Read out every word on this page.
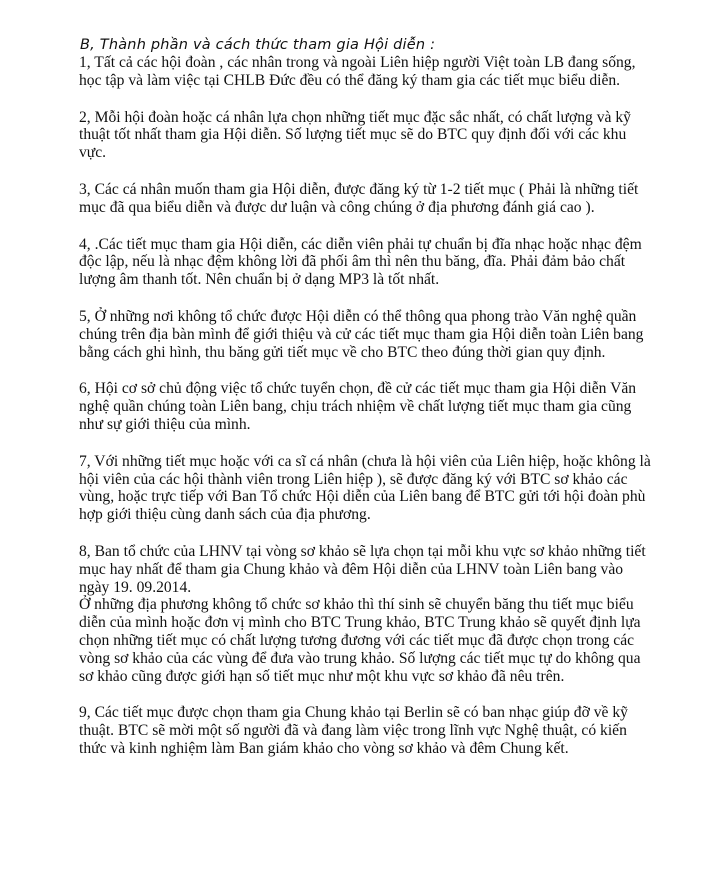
B, Thành phần và cách thức tham gia Hội diễn :

1, Tất cả các hội đoàn , các nhân trong và ngoài Liên hiệp người Việt toàn LB đang sống,
học tập và làm việc tại CHLB Đức đều có thể đăng ký tham gia các tiết mục biểu diễn.

2, Mỗi hội đoàn hoặc cá nhân lựa chọn những tiết mục đặc sắc nhất, có chất lượng và kỹ
thuật tốt nhất tham gia Hội diễn. Số lượng tiết mục sẽ do BTC quy định đối với các khu
vực.

3, Các cá nhân muốn tham gia Hội diễn, được đăng ký từ 1-2 tiết mục ( Phải là những tiết
mục đã qua biểu diễn và được dư luận và công chúng ở địa phương đánh giá cao ).

4, .Các tiết mục tham gia Hội diễn, các diễn viên phải tự chuẩn bị đĩa nhạc hoặc nhạc đệm
độc lập, nếu là nhạc đệm không lời đã phối âm thì nên thu băng, đĩa. Phải đảm bảo chất
lượng âm thanh tốt. Nên chuẩn bị ở dạng MP3 là tốt nhất.

5, Ở những nơi không tổ chức được Hội diễn có thể thông qua phong trào Văn nghệ quần
chúng trên địa bàn mình để giới thiệu và cử các tiết mục tham gia Hội diễn toàn Liên bang
bằng cách ghi hình, thu băng gửi tiết mục về cho BTC theo đúng thời gian quy định.

6, Hội cơ sở chủ động việc tổ chức tuyển chọn, đề cử các tiết mục tham gia Hội diễn Văn
nghệ quần chúng toàn Liên bang, chịu trách nhiệm về chất lượng tiết mục tham gia cũng
như sự giới thiệu của mình.

7, Với những tiết mục hoặc với ca sĩ cá nhân (chưa là hội viên của Liên hiệp, hoặc không là
hội viên của các hội thành viên trong Liên hiệp ), sẽ được đăng ký với BTC sơ khảo các
vùng, hoặc trực tiếp với Ban Tổ chức Hội diễn của Liên bang để BTC gửi tới hội đoàn phù
hợp giới thiệu cùng danh sách của địa phương.

8, Ban tổ chức của LHNV tại vòng sơ khảo sẽ lựa chọn tại mỗi khu vực sơ khảo những tiết
mục hay nhất để tham gia Chung khảo và đêm Hội diễn của LHNV toàn Liên bang vào
ngày 19. 09.2014.
Ở những địa phương không tổ chức sơ khảo thì thí sinh sẽ chuyển băng thu tiết mục biểu
diễn của mình hoặc đơn vị mình cho BTC Trung khảo, BTC Trung khảo sẽ quyết định lựa
chọn những tiết mục có chất lượng tương đương với các tiết mục đã được chọn trong các
vòng sơ khảo của các vùng để đưa vào trung khảo. Số lượng các tiết mục tự do không qua
sơ khảo cũng được giới hạn số tiết mục như một khu vực sơ khảo đã nêu trên.

9, Các tiết mục được chọn tham gia Chung khảo tại Berlin sẽ có ban nhạc giúp đỡ về kỹ
thuật. BTC sẽ mời một số người đã và đang làm việc trong lĩnh vực Nghệ thuật, có kiến
thức và kinh nghiệm làm Ban giám khảo cho vòng sơ khảo và đêm Chung kết.
